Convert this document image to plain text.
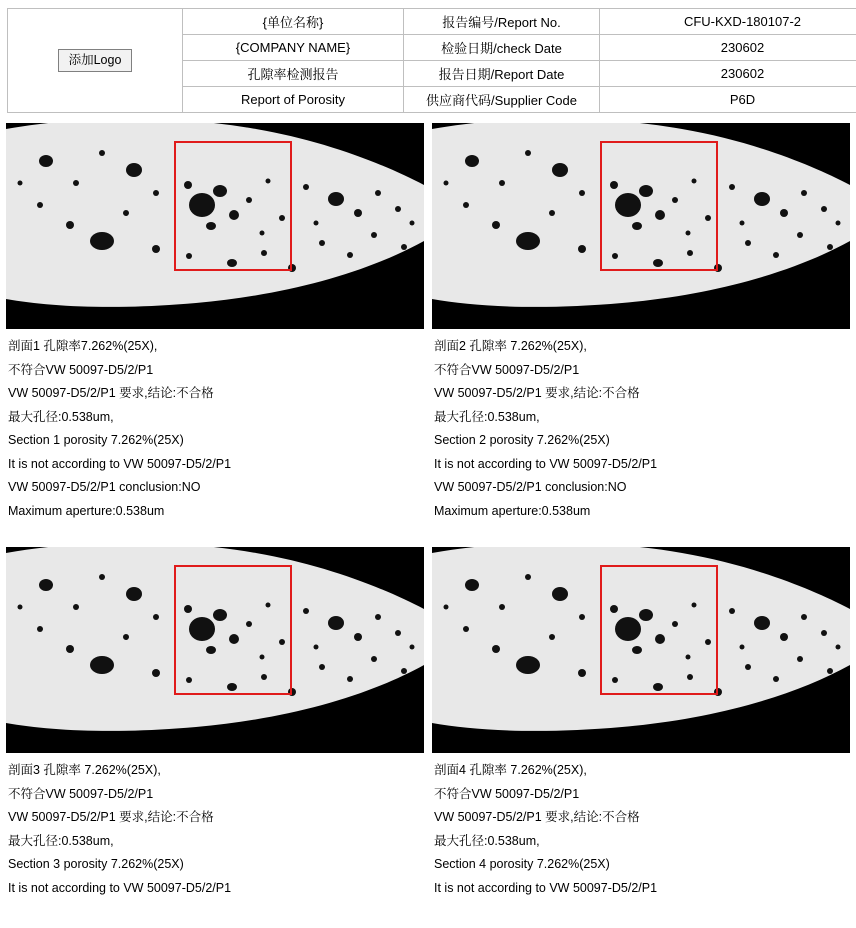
添加Logo	{单位名称}	报告编号/Report No.	CFU-KXD-180107-2
	{COMPANY NAME}	检验日期/check Date	230602
	孔隙率检测报告	报告日期/Report Date	230602
	Report of Porosity	供应商代码/Supplier Code	P6D
剖面1 孔隙率7.262%(25X),
不符合VW 50097-D5/2/P1
VW 50097-D5/2/P1 要求,结论:不合格
最大孔径:0.538um,
Section 1 porosity 7.262%(25X)
It is not according to VW 50097-D5/2/P1
VW 50097-D5/2/P1 conclusion:NO
Maximum aperture:0.538um
剖面2 孔隙率 7.262%(25X),
不符合VW 50097-D5/2/P1
VW 50097-D5/2/P1 要求,结论:不合格
最大孔径:0.538um,
Section 2 porosity 7.262%(25X)
It is not according to VW 50097-D5/2/P1
VW 50097-D5/2/P1 conclusion:NO
Maximum aperture:0.538um
剖面3 孔隙率 7.262%(25X),
不符合VW 50097-D5/2/P1
VW 50097-D5/2/P1 要求,结论:不合格
最大孔径:0.538um,
Section 3 porosity 7.262%(25X)
It is not according to VW 50097-D5/2/P1
剖面4 孔隙率 7.262%(25X),
不符合VW 50097-D5/2/P1
VW 50097-D5/2/P1 要求,结论:不合格
最大孔径:0.538um,
Section 4 porosity 7.262%(25X)
It is not according to VW 50097-D5/2/P1
